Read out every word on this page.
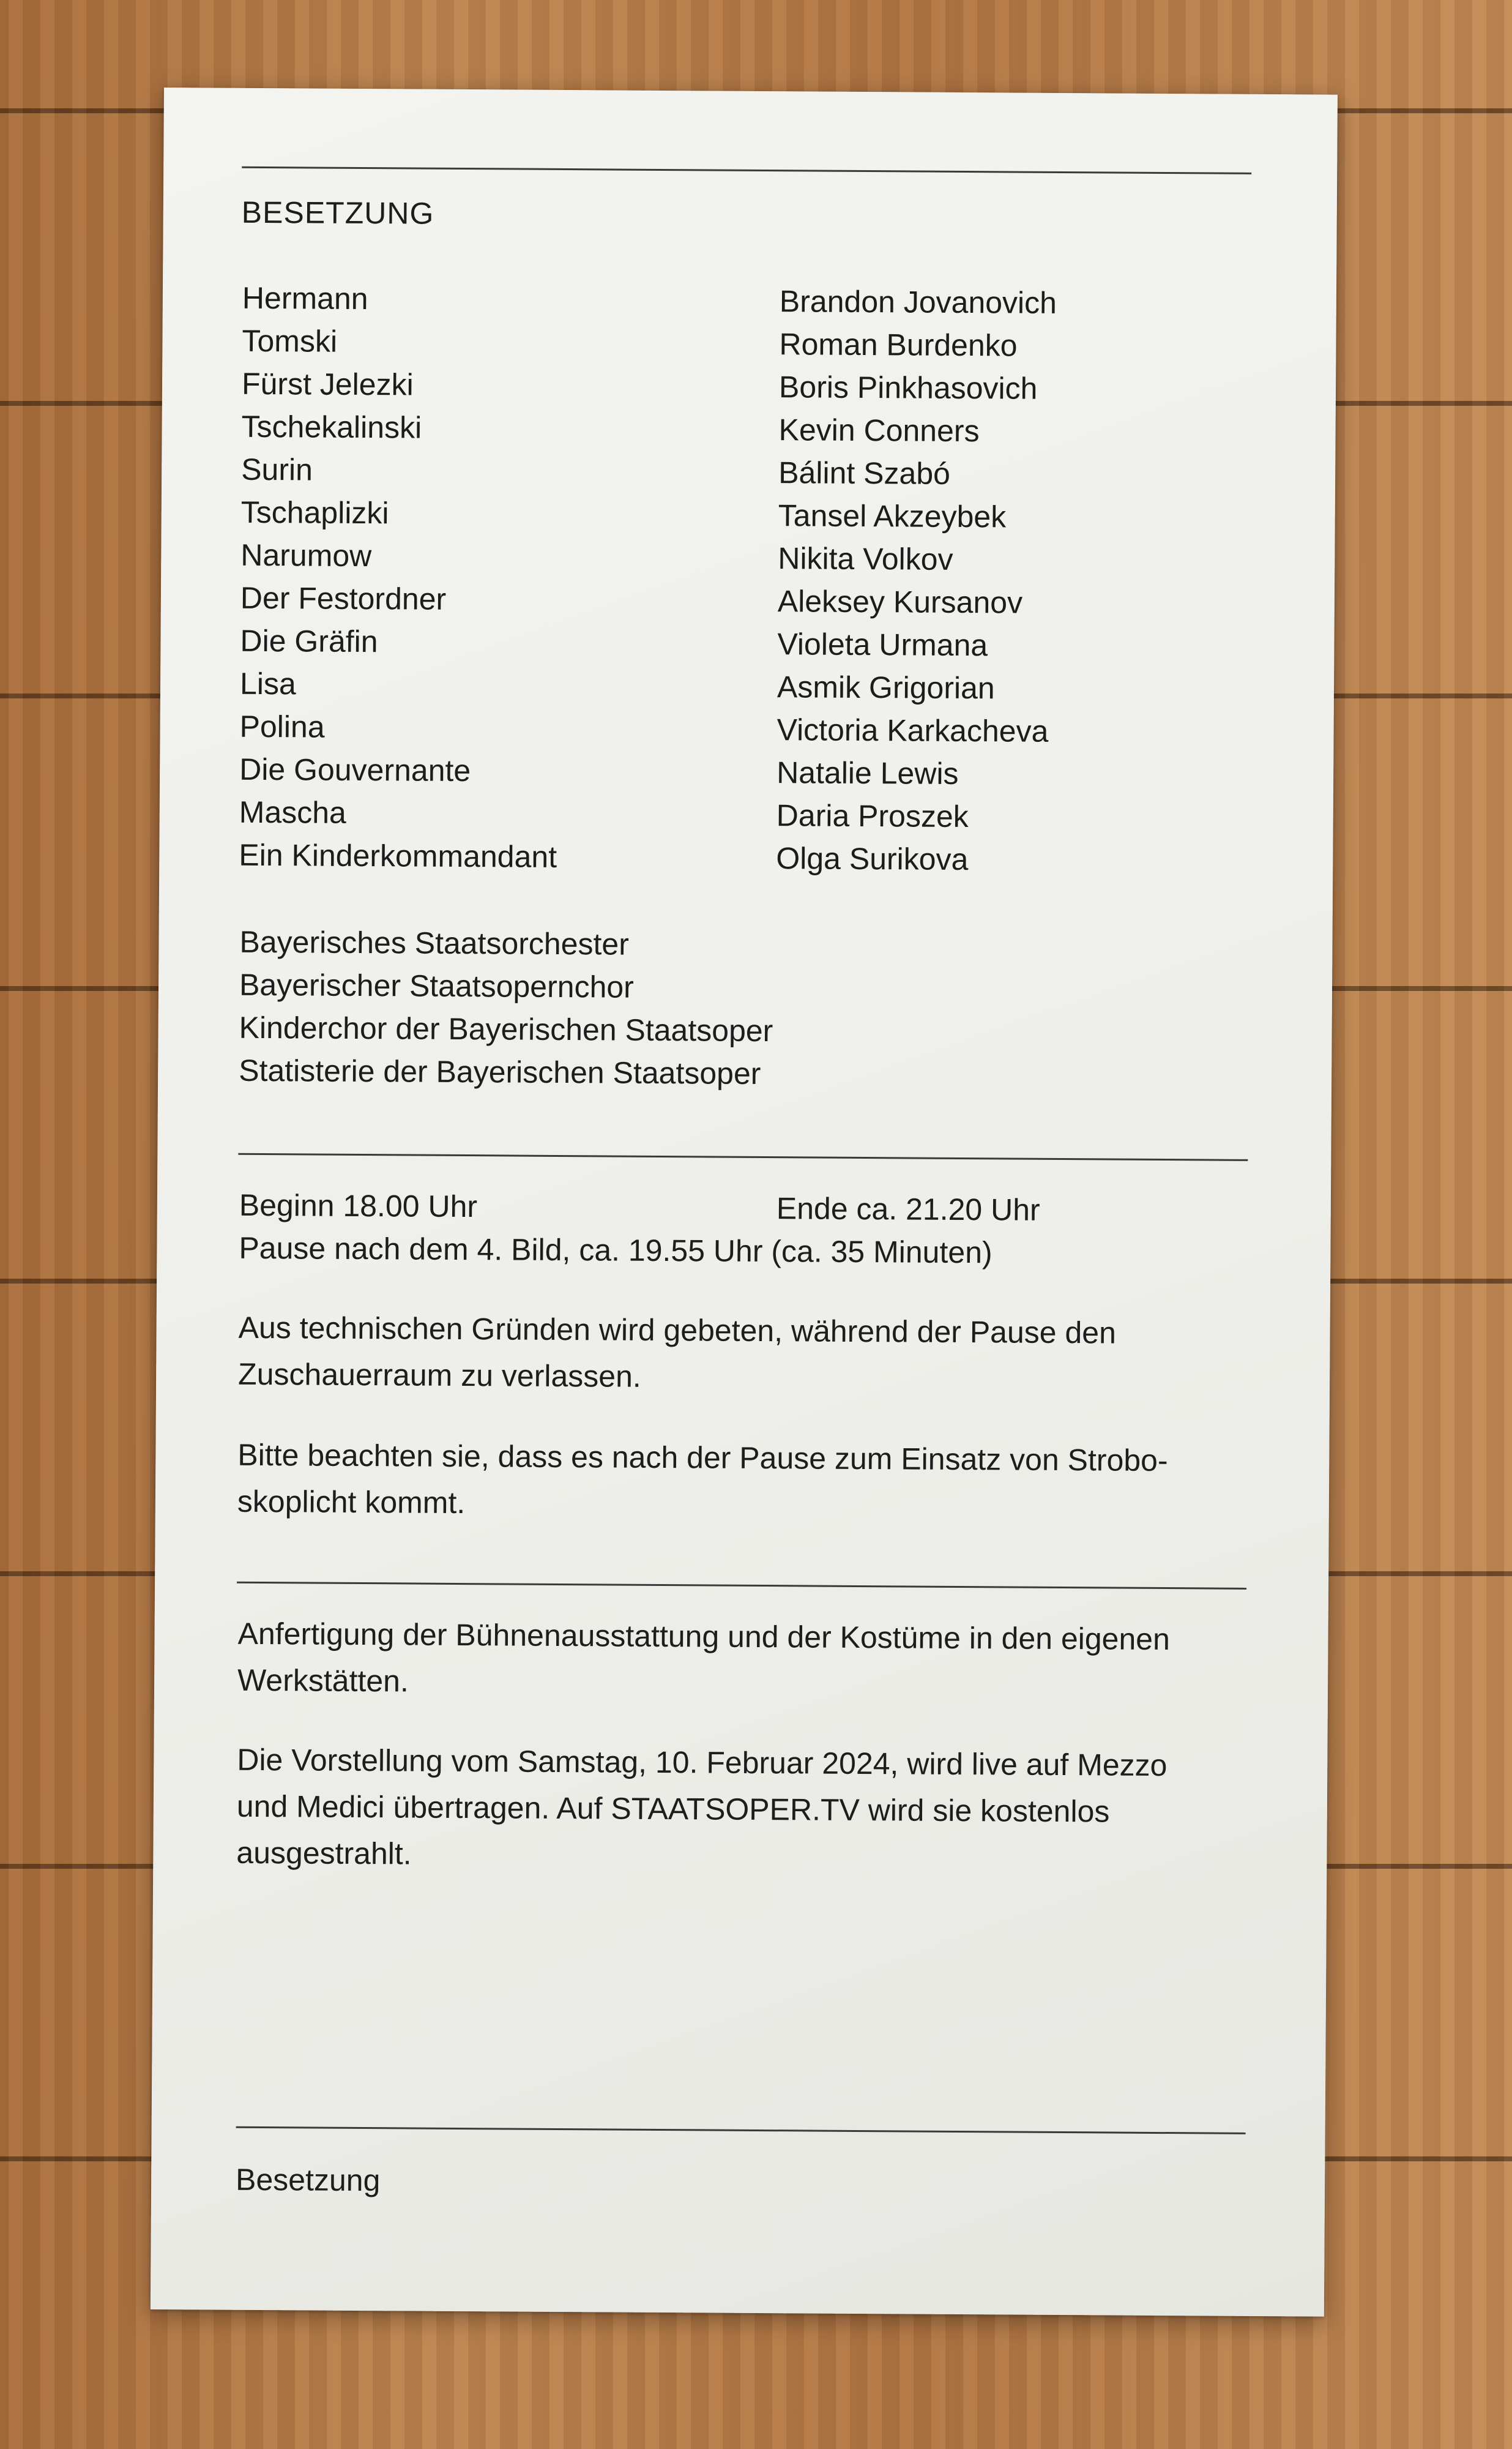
BESETZUNG
Hermann	Brandon Jovanovich
Tomski	Roman Burdenko
Fürst Jelezki	Boris Pinkhasovich
Tschekalinski	Kevin Conners
Surin	Bálint Szabó
Tschaplizki	Tansel Akzeybek
Narumow	Nikita Volkov
Der Festordner	Aleksey Kursanov
Die Gräfin	Violeta Urmana
Lisa	Asmik Grigorian
Polina	Victoria Karkacheva
Die Gouvernante	Natalie Lewis
Mascha	Daria Proszek
Ein Kinderkommandant	Olga Surikova
Bayerisches Staatsorchester
Bayerischer Staatsopernchor
Kinderchor der Bayerischen Staatsoper
Statisterie der Bayerischen Staatsoper
Beginn 18.00 Uhr	Ende ca. 21.20 Uhr
Pause nach dem 4. Bild, ca. 19.55 Uhr (ca. 35 Minuten)
Aus technischen Gründen wird gebeten, während der Pause den
Zuschauerraum zu verlassen.
Bitte beachten sie, dass es nach der Pause zum Einsatz von Strobo-
skoplicht kommt.
Anfertigung der Bühnenausstattung und der Kostüme in den eigenen
Werkstätten.
Die Vorstellung vom Samstag, 10. Februar 2024, wird live auf Mezzo
und Medici übertragen. Auf STAATSOPER.TV wird sie kostenlos
ausgestrahlt.
Besetzung
